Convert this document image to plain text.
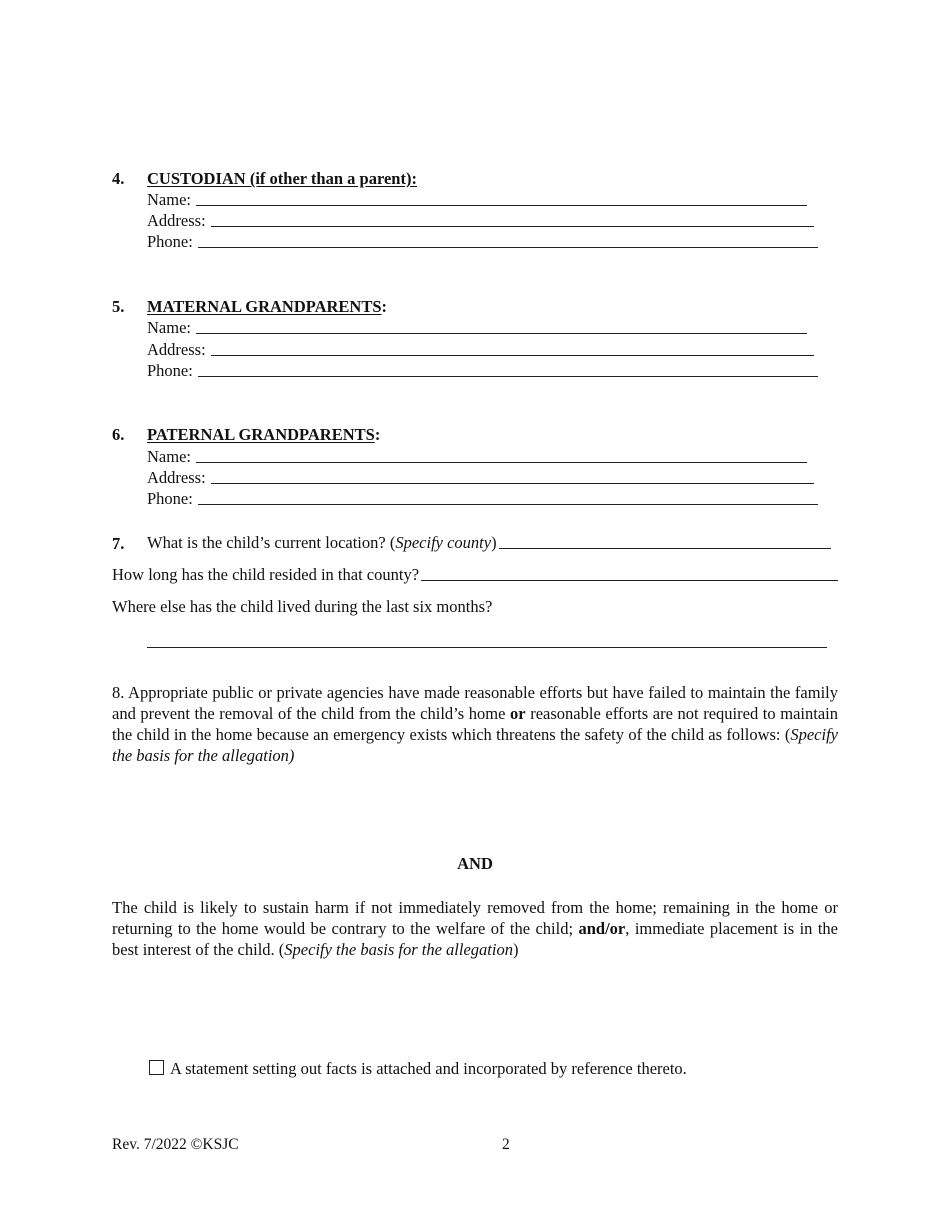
4. CUSTODIAN (if other than a parent):
Name:
Address:
Phone:
5. MATERNAL GRANDPARENTS:
Name:
Address:
Phone:
6. PATERNAL GRANDPARENTS:
Name:
Address:
Phone:
7. What is the child’s current location? (Specify county)
How long has the child resided in that county?
Where else has the child lived during the last six months?
8. Appropriate public or private agencies have made reasonable efforts but have failed to maintain the family and prevent the removal of the child from the child’s home or reasonable efforts are not required to maintain the child in the home because an emergency exists which threatens the safety of the child as follows: (Specify the basis for the allegation)
AND
The child is likely to sustain harm if not immediately removed from the home; remaining in the home or returning to the home would be contrary to the welfare of the child; and/or, immediate placement is in the best interest of the child. (Specify the basis for the allegation)
A statement setting out facts is attached and incorporated by reference thereto.
Rev. 7/2022 ©KSJC	2
